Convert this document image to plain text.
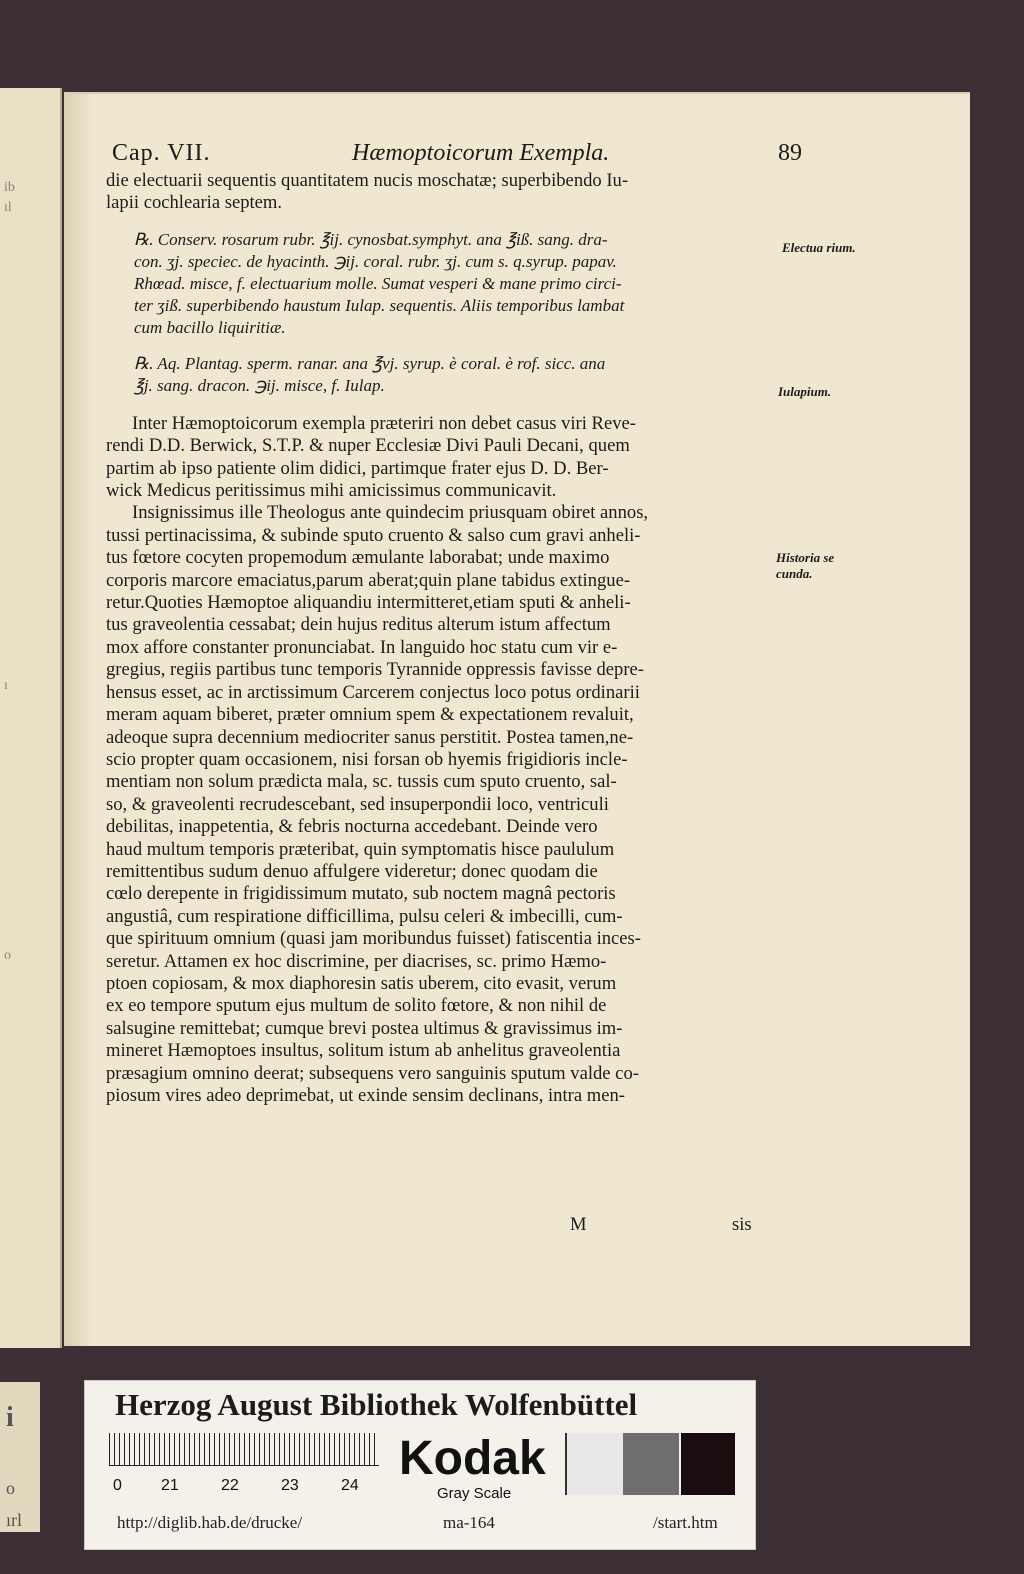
ib
ıl
ı
o
i
o
ırl
Cap. VII.	Hæmoptoicorum Exempla.	89
die electuarii sequentis quantitatem nucis moschatæ; superbibendo Iu-
lapii cochlearia septem.
℞. Conserv. rosarum rubr. ℥ij. cynosbat.symphyt. ana ℥iß. sang. dra-
con. ʒj. speciec. de hyacinth. ℈ij. coral. rubr. ʒj. cum s. q.syrup. papav.
Rhœad. misce, f. electuarium molle. Sumat vesperi & mane primo circi-
ter ʒiß. superbibendo haustum Iulap. sequentis. Aliis temporibus lambat
cum bacillo liquiritiæ.
℞. Aq. Plantag. sperm. ranar. ana ℥vj. syrup. è coral. è rof. sicc. ana
℥j. sang. dracon. ℈ij. misce, f. Iulap.
Inter Hæmoptoicorum exempla præteriri non debet casus viri Reve-
rendi D.D. Berwick, S.T.P. & nuper Ecclesiæ Divi Pauli Decani, quem
partim ab ipso patiente olim didici, partimque frater ejus D. D. Ber-
wick Medicus peritissimus mihi amicissimus communicavit.
Insignissimus ille Theologus ante quindecim priusquam obiret annos,
tussi pertinacissima, & subinde sputo cruento & salso cum gravi anheli-
tus fœtore cocyten propemodum æmulante laborabat; unde maximo
corporis marcore emaciatus,parum aberat;quin plane tabidus extingue-
retur.Quoties Hæmoptoe aliquandiu intermitteret,etiam sputi & anheli-
tus graveolentia cessabat; dein hujus reditus alterum istum affectum
mox affore constanter pronunciabat. In languido hoc statu cum vir e-
gregius, regiis partibus tunc temporis Tyrannide oppressis favisse depre-
hensus esset, ac in arctissimum Carcerem conjectus loco potus ordinarii
meram aquam biberet, præter omnium spem & expectationem revaluit,
adeoque supra decennium mediocriter sanus perstitit. Postea tamen,ne-
scio propter quam occasionem, nisi forsan ob hyemis frigidioris incle-
mentiam non solum prædicta mala, sc. tussis cum sputo cruento, sal-
so, & graveolenti recrudescebant, sed insuperpondii loco, ventriculi
debilitas, inappetentia, & febris nocturna accedebant. Deinde vero
haud multum temporis præteribat, quin symptomatis hisce paululum
remittentibus sudum denuo affulgere videretur; donec quodam die
cœlo derepente in frigidissimum mutato, sub noctem magnâ pectoris
angustiâ, cum respiratione difficillima, pulsu celeri & imbecilli, cum-
que spirituum omnium (quasi jam moribundus fuisset) fatiscentia inces-
seretur. Attamen ex hoc discrimine, per diacrises, sc. primo Hæmo-
ptoen copiosam, & mox diaphoresin satis uberem, cito evasit, verum
ex eo tempore sputum ejus multum de solito fœtore, & non nihil de
salsugine remittebat; cumque brevi postea ultimus & gravissimus im-
mineret Hæmoptoes insultus, solitum istum ab anhelitus graveolentia
præsagium omnino deerat; subsequens vero sanguinis sputum valde co-
piosum vires adeo deprimebat, ut exinde sensim declinans, intra men-
Electua rium.
Iulapium.
Historia se cunda.
M	sis
Herzog August Bibliothek Wolfenbüttel
0 21	22	23	24
Kodak
Gray Scale
http://diglib.hab.de/drucke/	ma-164	/start.htm
